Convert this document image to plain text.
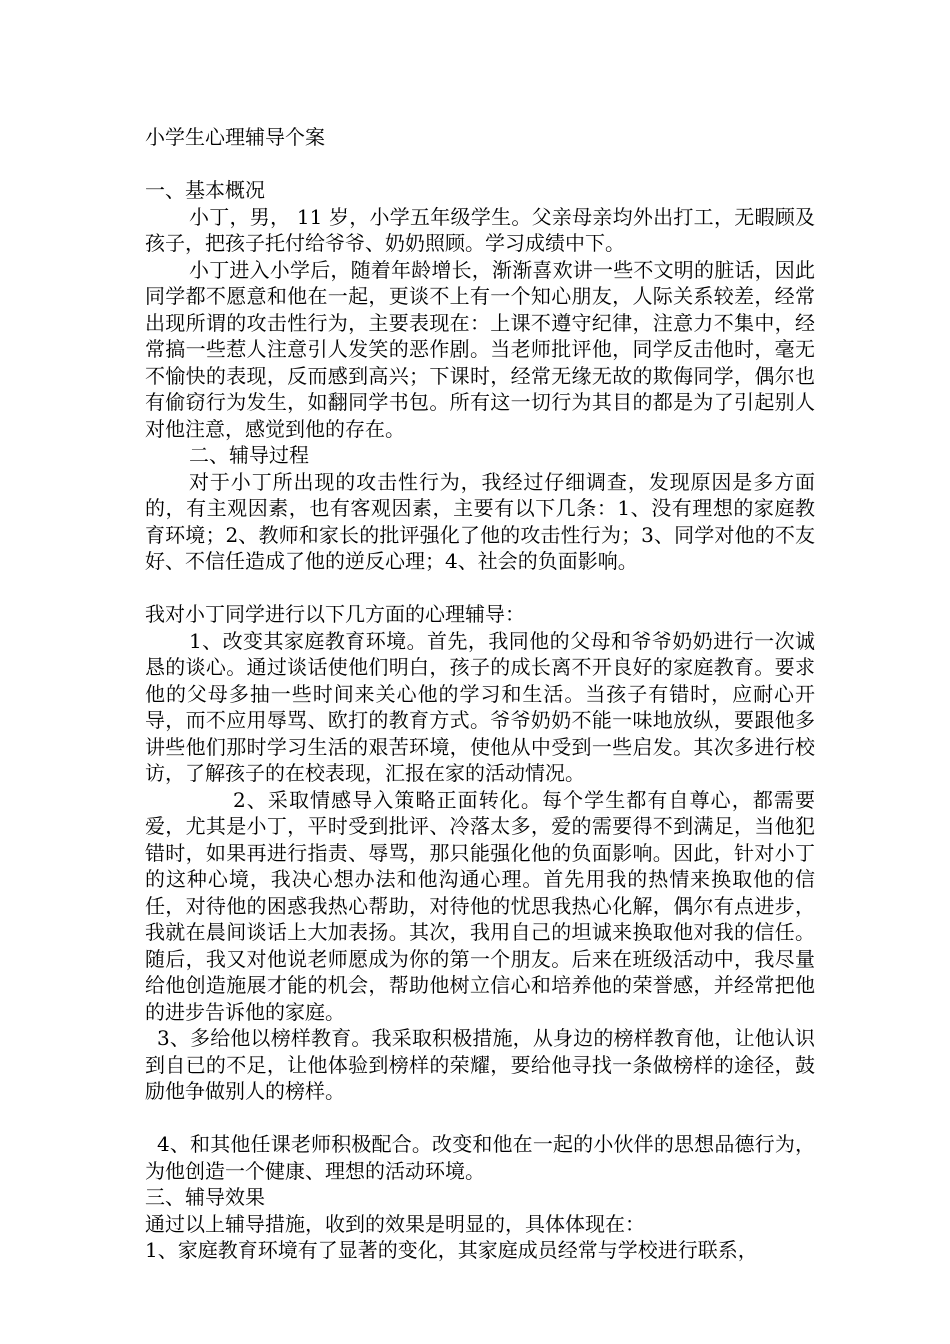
小学生心理辅导个案

一、基本概况

小丁，男， 11 岁，小学五年级学生。父亲母亲均外出打工，无暇顾及孩子，把孩子托付给爷爷、奶奶照顾。学习成绩中下。

小丁进入小学后，随着年龄增长，渐渐喜欢讲一些不文明的脏话，因此同学都不愿意和他在一起，更谈不上有一个知心朋友，人际关系较差，经常出现所谓的攻击性行为，主要表现在：上课不遵守纪律，注意力不集中，经常搞一些惹人注意引人发笑的恶作剧。当老师批评他，同学反击他时，毫无不愉快的表现，反而感到高兴；下课时，经常无缘无故的欺侮同学，偶尔也有偷窃行为发生，如翻同学书包。所有这一切行为其目的都是为了引起别人对他注意，感觉到他的存在。

二、辅导过程

对于小丁所出现的攻击性行为，我经过仔细调查，发现原因是多方面的，有主观因素，也有客观因素，主要有以下几条：1、没有理想的家庭教育环境；2、教师和家长的批评强化了他的攻击性行为；3、同学对他的不友好、不信任造成了他的逆反心理；4、社会的负面影响。

我对小丁同学进行以下几方面的心理辅导：

1、改变其家庭教育环境。首先，我同他的父母和爷爷奶奶进行一次诚恳的谈心。通过谈话使他们明白，孩子的成长离不开良好的家庭教育。要求他的父母多抽一些时间来关心他的学习和生活。当孩子有错时，应耐心开导，而不应用辱骂、欧打的教育方式。爷爷奶奶不能一味地放纵，要跟他多讲些他们那时学习生活的艰苦环境，使他从中受到一些启发。其次多进行校访，了解孩子的在校表现，汇报在家的活动情况。

2、采取情感导入策略正面转化。每个学生都有自尊心，都需要爱，尤其是小丁，平时受到批评、冷落太多，爱的需要得不到满足，当他犯错时，如果再进行指责、辱骂，那只能强化他的负面影响。因此，针对小丁的这种心境，我决心想办法和他沟通心理。首先用我的热情来换取他的信任，对待他的困惑我热心帮助，对待他的忧思我热心化解，偶尔有点进步，我就在晨间谈话上大加表扬。其次，我用自己的坦诚来换取他对我的信任。随后，我又对他说老师愿成为你的第一个朋友。后来在班级活动中，我尽量给他创造施展才能的机会，帮助他树立信心和培养他的荣誉感，并经常把他的进步告诉他的家庭。

3、多给他以榜样教育。我采取积极措施，从身边的榜样教育他，让他认识到自已的不足，让他体验到榜样的荣耀，要给他寻找一条做榜样的途径，鼓励他争做别人的榜样。

4、和其他任课老师积极配合。改变和他在一起的小伙伴的思想品德行为，为他创造一个健康、理想的活动环境。

三、辅导效果

通过以上辅导措施，收到的效果是明显的，具体体现在：

1、家庭教育环境有了显著的变化，其家庭成员经常与学校进行联系，
